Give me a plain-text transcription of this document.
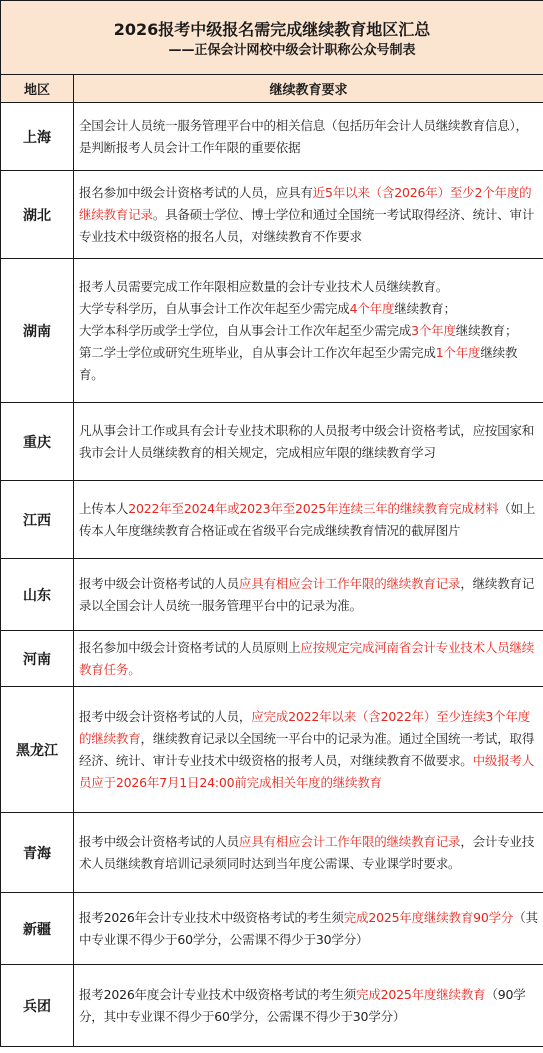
2026报考中级报名需完成继续教育地区汇总
——正保会计网校中级会计职称公众号制表	

地区	继续教育要求
上海	全国会计人员统一服务管理平台中的相关信息（包括历年会计人员继续教育信息），是判断报考人员会计工作年限的重要依据
湖北	报名参加中级会计资格考试的人员，应具有近5年以来（含2026年）至少2个年度的继续教育记录。具备硕士学位、博士学位和通过全国统一考试取得经济、统计、审计专业技术中级资格的报名人员，对继续教育不作要求
湖南	报考人员需要完成工作年限相应数量的会计专业技术人员继续教育。
大学专科学历，自从事会计工作次年起至少需完成4个年度继续教育；
大学本科学历或学士学位，自从事会计工作次年起至少需完成3个年度继续教育；
第二学士学位或研究生班毕业，自从事会计工作次年起至少需完成1个年度继续教育。
重庆	凡从事会计工作或具有会计专业技术职称的人员报考中级会计资格考试，应按国家和我市会计人员继续教育的相关规定，完成相应年限的继续教育学习
江西	上传本人2022年至2024年或2023年至2025年连续三年的继续教育完成材料（如上传本人年度继续教育合格证或在省级平台完成继续教育情况的截屏图片
山东	报考中级会计资格考试的人员应具有相应会计工作年限的继续教育记录，继续教育记录以全国会计人员统一服务管理平台中的记录为准。
河南	报名参加中级会计资格考试的人员原则上应按规定完成河南省会计专业技术人员继续教育任务。
黑龙江	报考中级会计资格考试的人员，应完成2022年以来（含2022年）至少连续3个年度的继续教育，继续教育记录以全国统一平台中的记录为准。通过全国统一考试，取得经济、统计、审计专业技术中级资格的报考人员，对继续教育不做要求。中级报考人员应于2026年7月1日24:00前完成相关年度的继续教育
青海	报考中级会计资格考试的人员应具有相应会计工作年限的继续教育记录，会计专业技术人员继续教育培训记录须同时达到当年度公需课、专业课学时要求。
新疆	报考2026年会计专业技术中级资格考试的考生须完成2025年度继续教育90学分（其中专业课不得少于60学分，公需课不得少于30学分）
兵团	报考2026年度会计专业技术中级资格考试的考生须完成2025年度继续教育（90学分，其中专业课不得少于60学分，公需课不得少于30学分）
